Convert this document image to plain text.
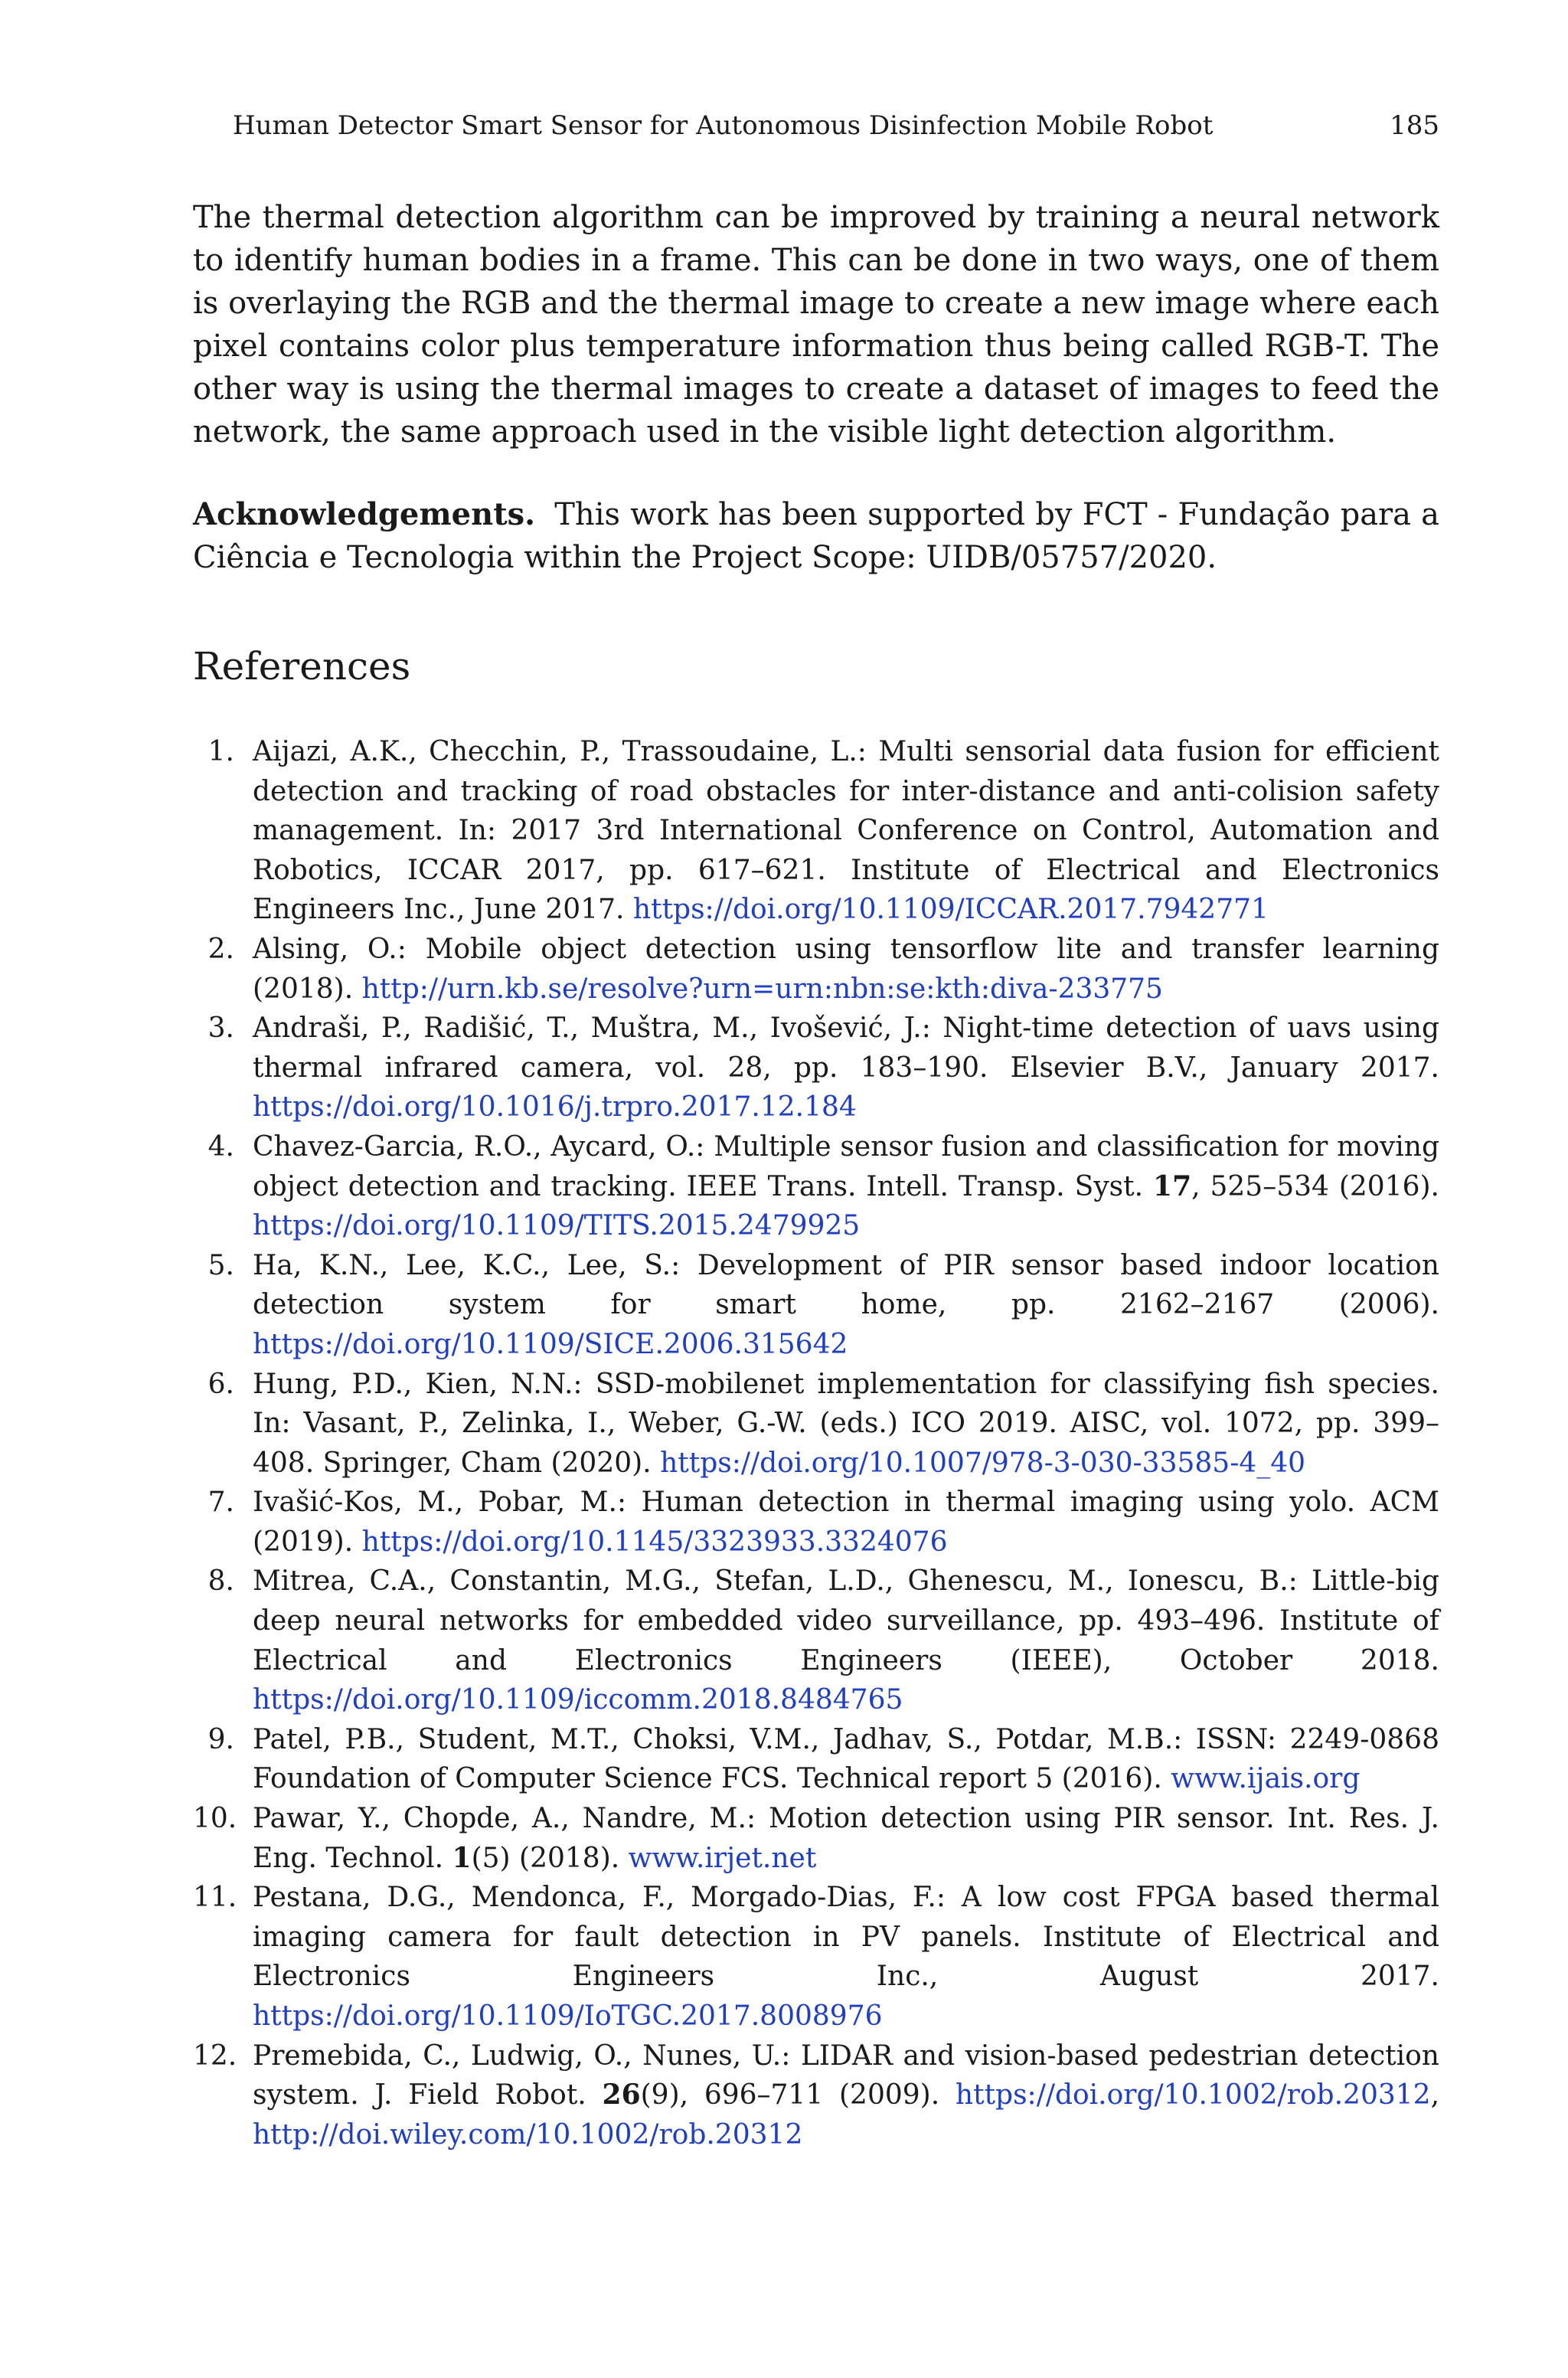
Human Detector Smart Sensor for Autonomous Disinfection Mobile Robot	185

The thermal detection algorithm can be improved by training a neural network to identify human bodies in a frame. This can be done in two ways, one of them is overlaying the RGB and the thermal image to create a new image where each pixel contains color plus temperature information thus being called RGB-T. The other way is using the thermal images to create a dataset of images to feed the network, the same approach used in the visible light detection algorithm.

Acknowledgements. This work has been supported by FCT - Fundação para a Ciência e Tecnologia within the Project Scope: UIDB/05757/2020.

References
1. Aijazi, A.K., Checchin, P., Trassoudaine, L.: Multi sensorial data fusion for efficient detection and tracking of road obstacles for inter-distance and anti-colision safety management. In: 2017 3rd International Conference on Control, Automation and Robotics, ICCAR 2017, pp. 617–621. Institute of Electrical and Electronics Engineers Inc., June 2017. https://doi.org/10.1109/ICCAR.2017.7942771
2. Alsing, O.: Mobile object detection using tensorflow lite and transfer learning (2018). http://urn.kb.se/resolve?urn=urn:nbn:se:kth:diva-233775
3. Andraši, P., Radišić, T., Muštra, M., Ivošević, J.: Night-time detection of uavs using thermal infrared camera, vol. 28, pp. 183–190. Elsevier B.V., January 2017. https://doi.org/10.1016/j.trpro.2017.12.184
4. Chavez-Garcia, R.O., Aycard, O.: Multiple sensor fusion and classification for moving object detection and tracking. IEEE Trans. Intell. Transp. Syst. 17, 525–534 (2016). https://doi.org/10.1109/TITS.2015.2479925
5. Ha, K.N., Lee, K.C., Lee, S.: Development of PIR sensor based indoor location detection system for smart home, pp. 2162–2167 (2006). https://doi.org/10.1109/SICE.2006.315642
6. Hung, P.D., Kien, N.N.: SSD-mobilenet implementation for classifying fish species. In: Vasant, P., Zelinka, I., Weber, G.-W. (eds.) ICO 2019. AISC, vol. 1072, pp. 399–408. Springer, Cham (2020). https://doi.org/10.1007/978-3-030-33585-4_40
7. Ivašić-Kos, M., Pobar, M.: Human detection in thermal imaging using yolo. ACM (2019). https://doi.org/10.1145/3323933.3324076
8. Mitrea, C.A., Constantin, M.G., Stefan, L.D., Ghenescu, M., Ionescu, B.: Little-big deep neural networks for embedded video surveillance, pp. 493–496. Institute of Electrical and Electronics Engineers (IEEE), October 2018. https://doi.org/10.1109/iccomm.2018.8484765
9. Patel, P.B., Student, M.T., Choksi, V.M., Jadhav, S., Potdar, M.B.: ISSN: 2249-0868 Foundation of Computer Science FCS. Technical report 5 (2016). www.ijais.org
10. Pawar, Y., Chopde, A., Nandre, M.: Motion detection using PIR sensor. Int. Res. J. Eng. Technol. 1(5) (2018). www.irjet.net
11. Pestana, D.G., Mendonca, F., Morgado-Dias, F.: A low cost FPGA based thermal imaging camera for fault detection in PV panels. Institute of Electrical and Electronics Engineers Inc., August 2017. https://doi.org/10.1109/IoTGC.2017.8008976
12. Premebida, C., Ludwig, O., Nunes, U.: LIDAR and vision-based pedestrian detection system. J. Field Robot. 26(9), 696–711 (2009). https://doi.org/10.1002/rob.20312, http://doi.wiley.com/10.1002/rob.20312
